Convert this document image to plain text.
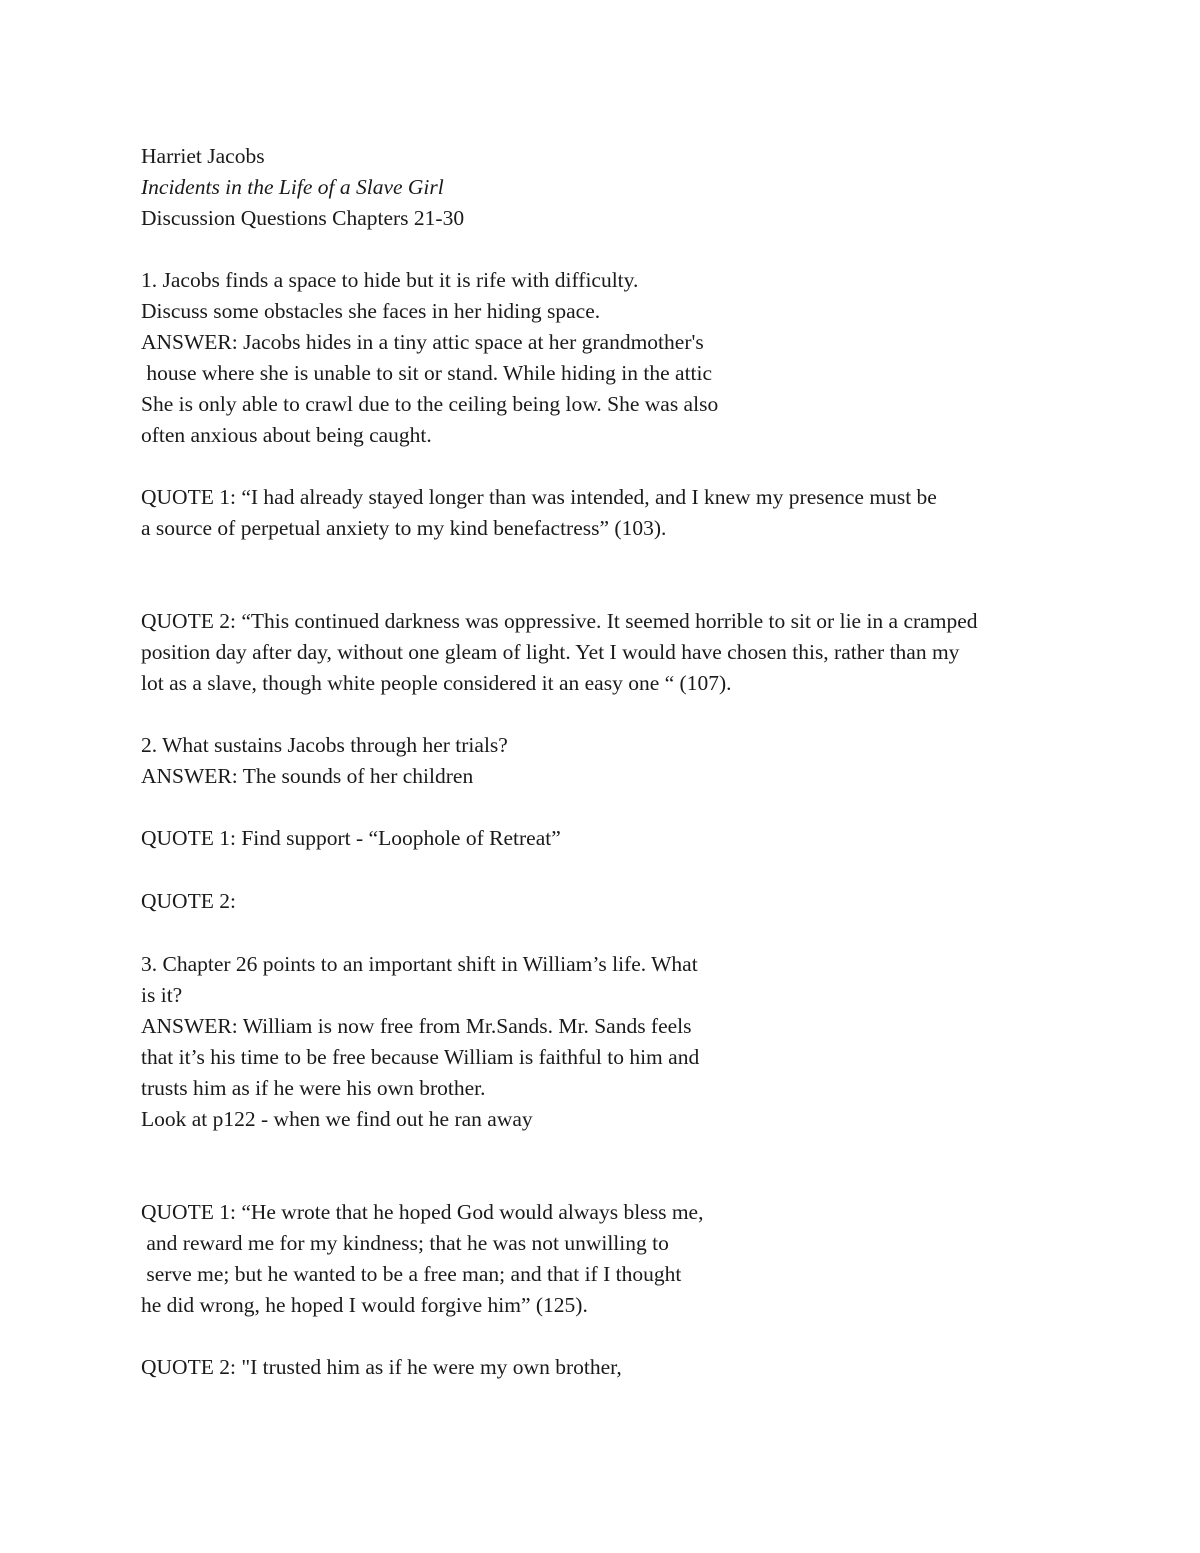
Harriet Jacobs

Incidents in the Life of a Slave Girl

Discussion Questions Chapters 21-30

1. Jacobs finds a space to hide but it is rife with difficulty.

Discuss some obstacles she faces in her hiding space.

ANSWER: Jacobs hides in a tiny attic space at her grandmother's

house where she is unable to sit or stand. While hiding in the attic

She is only able to crawl due to the ceiling being low. She was also

often anxious about being caught.

QUOTE 1: “I had already stayed longer than was intended, and I knew my presence must be

a source of perpetual anxiety to my kind benefactress” (103).

QUOTE 2: “This continued darkness was oppressive. It seemed horrible to sit or lie in a cramped

position day after day, without one gleam of light. Yet I would have chosen this, rather than my

lot as a slave, though white people considered it an easy one “ (107).

2. What sustains Jacobs through her trials?

ANSWER: The sounds of her children

QUOTE 1: Find support - “Loophole of Retreat”

QUOTE 2:

3. Chapter 26 points to an important shift in William’s life. What

is it?

ANSWER: William is now free from Mr.Sands. Mr. Sands feels

that it’s his time to be free because William is faithful to him and

trusts him as if he were his own brother.

Look at p122 - when we find out he ran away

QUOTE 1: “He wrote that he hoped God would always bless me,

and reward me for my kindness; that he was not unwilling to

serve me; but he wanted to be a free man; and that if I thought

he did wrong, he hoped I would forgive him” (125).

QUOTE 2: "I trusted him as if he were my own brother,
